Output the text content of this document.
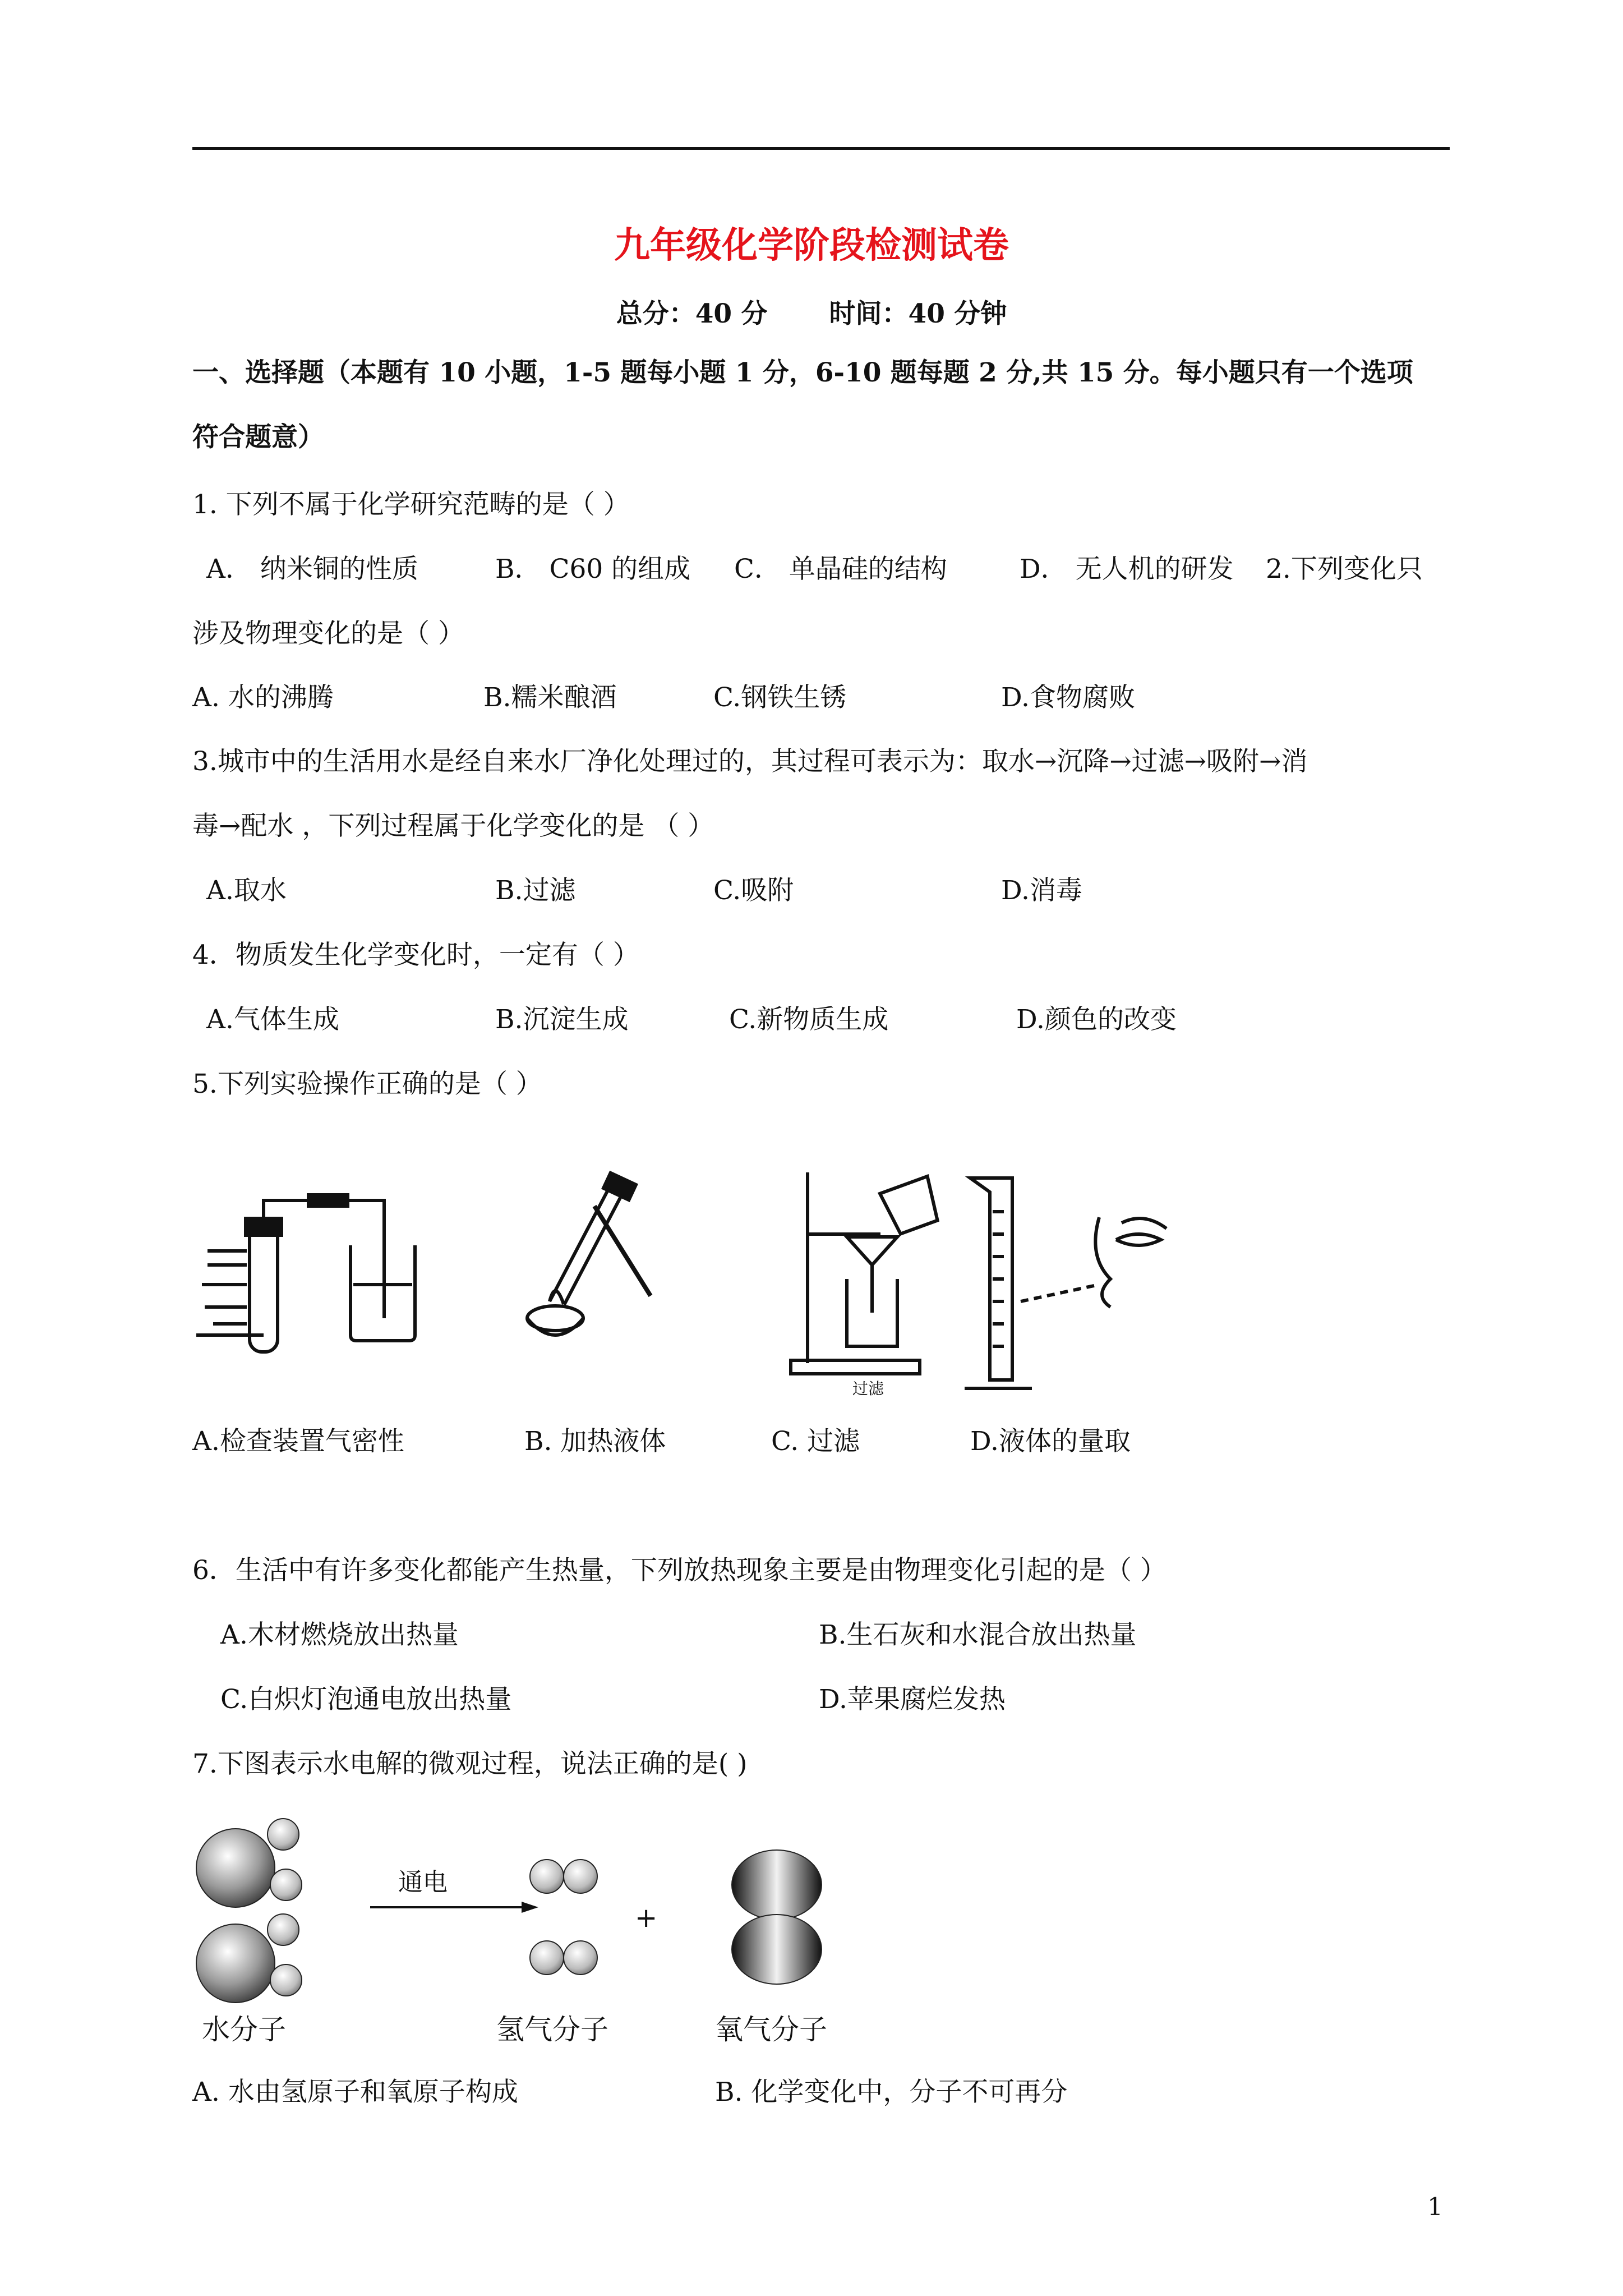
九年级化学阶段检测试卷
总分：40 分 时间：40 分钟
一、选择题（本题有 10 小题，1-5 题每小题 1 分，6-10 题每题 2 分,共 15 分。每小题只有一个选项
符合题意）
1. 下列不属于化学研究范畴的是（ ）
A． 纳米铜的性质	B． C60 的组成 C． 单晶硅的结构	D． 无人机的研发 2.下列变化只
涉及物理变化的是（ ）
A. 水的沸腾	B.糯米酿酒	C.钢铁生锈	D.食物腐败
3.城市中的生活用水是经自来水厂净化处理过的，其过程可表示为：取水→沉降→过滤→吸附→消
毒→配水 ，下列过程属于化学变化的是 （ ）
A.取水	B.过滤	C.吸附	D.消毒
4．物质发生化学变化时，一定有（ ）
A.气体生成	B.沉淀生成	C.新物质生成	D.颜色的改变
5.下列实验操作正确的是（ ）
过滤
A.检查装置气密性	B. 加热液体	C. 过滤	D.液体的量取
6．生活中有许多变化都能产生热量，下列放热现象主要是由物理变化引起的是（ ）
A.木材燃烧放出热量	B.生石灰和水混合放出热量
C.白炽灯泡通电放出热量	D.苹果腐烂发热
7.下图表示水电解的微观过程，说法正确的是( )
通电
+
水分子	氢气分子	氧气分子
A. 水由氢原子和氧原子构成	B. 化学变化中，分子不可再分
1
